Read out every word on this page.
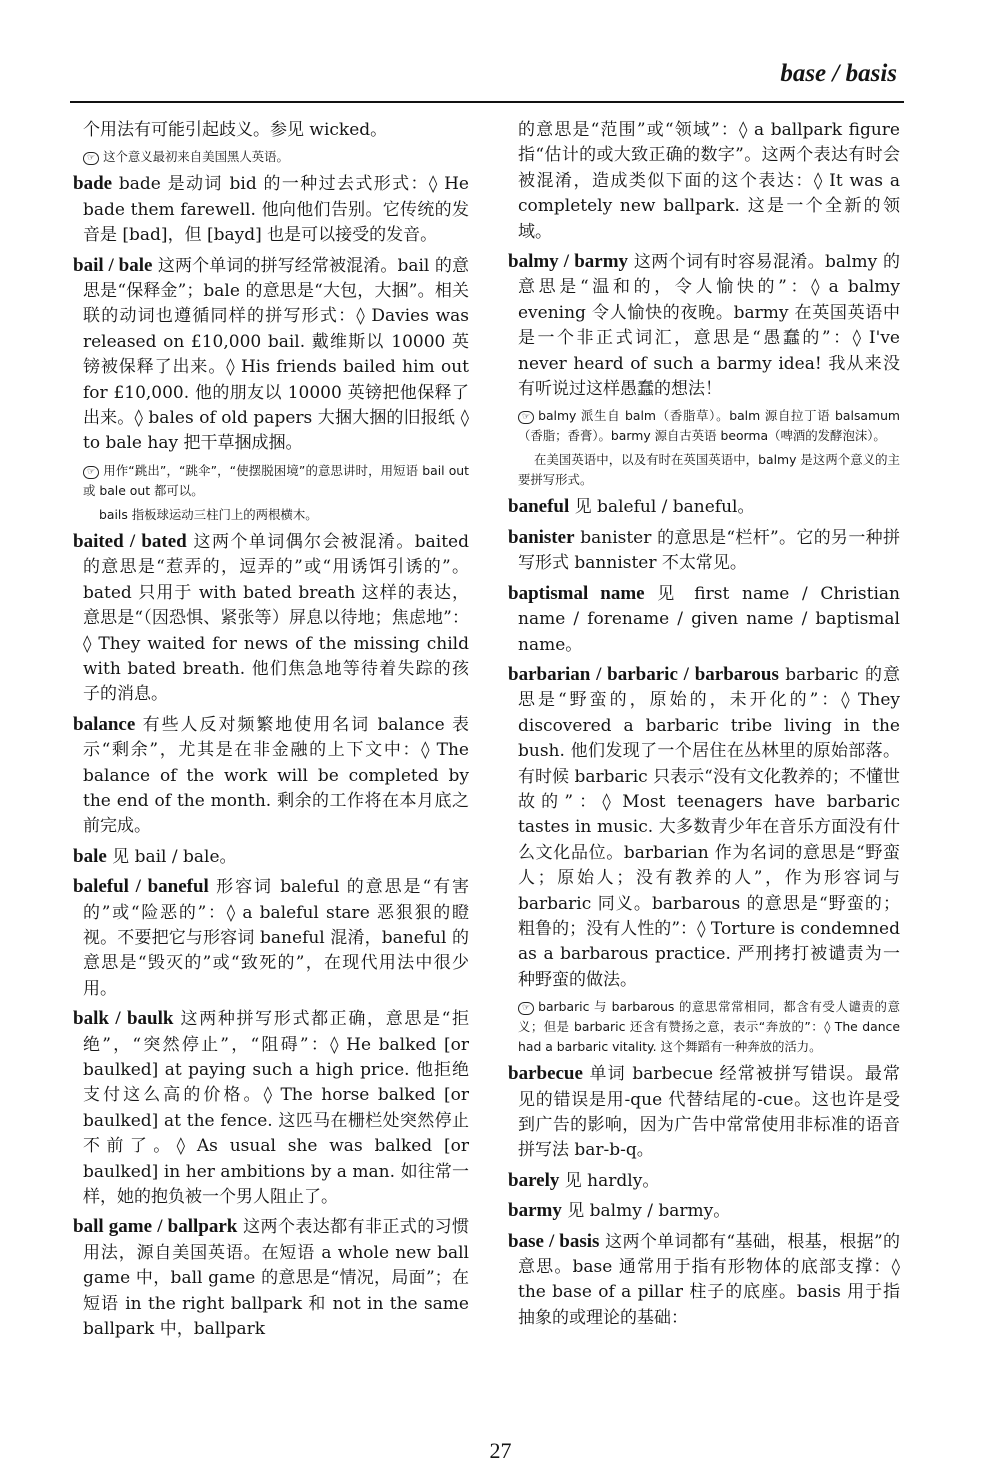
base / basis
个用法有可能引起歧义。参见 wicked。
☞ 这个意义最初来自美国黑人英语。
bade bade 是动词 bid 的一种过去式形式：◊ He bade them farewell. 他向他们告别。它传统的发音是 [bad]，但 [bayd] 也是可以接受的发音。
bail / bale 这两个单词的拼写经常被混淆。bail 的意思是“保释金”；bale 的意思是“大包，大捆”。相关联的动词也遵循同样的拼写形式：◊ Davies was released on £10,000 bail. 戴维斯以 10000 英镑被保释了出来。◊ His friends bailed him out for £10,000. 他的朋友以 10000 英镑把他保释了出来。◊ bales of old papers 大捆大捆的旧报纸 ◊ to bale hay 把干草捆成捆。
☞ 用作“跳出”，“跳伞”，“使摆脱困境”的意思讲时，用短语 bail out 或 bale out 都可以。
bails 指板球运动三柱门上的两根横木。
baited / bated 这两个单词偶尔会被混淆。baited 的意思是“惹弄的，逗弄的”或“用诱饵引诱的”。bated 只用于 with bated breath 这样的表达，意思是“（因恐惧、紧张等）屏息以待地；焦虑地”：◊ They waited for news of the missing child with bated breath. 他们焦急地等待着失踪的孩子的消息。
balance 有些人反对频繁地使用名词 balance 表示“剩余”，尤其是在非金融的上下文中：◊ The balance of the work will be completed by the end of the month. 剩余的工作将在本月底之前完成。
bale 见 bail / bale。
baleful / baneful 形容词 baleful 的意思是“有害的”或“险恶的”：◊ a baleful stare 恶狠狠的瞪视。不要把它与形容词 baneful 混淆，baneful 的意思是“毁灭的”或“致死的”，在现代用法中很少用。
balk / baulk 这两种拼写形式都正确，意思是“拒绝”，“突然停止”，“阻碍”：◊ He balked [or baulked] at paying such a high price. 他拒绝支付这么高的价格。◊ The horse balked [or baulked] at the fence. 这匹马在栅栏处突然停止不前了。◊ As usual she was balked [or baulked] in her ambitions by a man. 如往常一样，她的抱负被一个男人阻止了。
ball game / ballpark 这两个表达都有非正式的习惯用法，源自美国英语。在短语 a whole new ball game 中，ball game 的意思是“情况，局面”；在短语 in the right ballpark 和 not in the same ballpark 中，ballpark
的意思是“范围”或“领域”：◊ a ballpark figure 指“估计的或大致正确的数字”。这两个表达有时会被混淆，造成类似下面的这个表达：◊ It was a completely new ballpark. 这是一个全新的领域。
balmy / barmy 这两个词有时容易混淆。balmy 的意思是“温和的，令人愉快的”：◊ a balmy evening 令人愉快的夜晚。barmy 在英国英语中是一个非正式词汇，意思是“愚蠢的”：◊ I've never heard of such a barmy idea! 我从来没有听说过这样愚蠢的想法！
☞ balmy 派生自 balm（香脂草）。balm 源自拉丁语 balsamum（香脂；香膏）。barmy 源自古英语 beorma（啤酒的发酵泡沫）。
在美国英语中，以及有时在英国英语中，balmy 是这两个意义的主要拼写形式。
baneful 见 baleful / baneful。
banister banister 的意思是“栏杆”。它的另一种拼写形式 bannister 不太常见。
baptismal name 见 first name / Christian name / forename / given name / baptismal name。
barbarian / barbaric / barbarous barbaric 的意思是“野蛮的，原始的，未开化的”：◊ They discovered a barbaric tribe living in the bush. 他们发现了一个居住在丛林里的原始部落。有时候 barbaric 只表示“没有文化教养的；不懂世故的”：◊ Most teenagers have barbaric tastes in music. 大多数青少年在音乐方面没有什么文化品位。barbarian 作为名词的意思是“野蛮人；原始人；没有教养的人”，作为形容词与 barbaric 同义。barbarous 的意思是“野蛮的；粗鲁的；没有人性的”：◊ Torture is condemned as a barbarous practice. 严刑拷打被谴责为一种野蛮的做法。
☞ barbaric 与 barbarous 的意思常常相同，都含有受人谴责的意义；但是 barbaric 还含有赞扬之意，表示“奔放的”：◊ The dance had a barbaric vitality. 这个舞蹈有一种奔放的活力。
barbecue 单词 barbecue 经常被拼写错误。最常见的错误是用-que 代替结尾的-cue。这也许是受到广告的影响，因为广告中常常使用非标准的语音拼写法 bar-b-q。
barely 见 hardly。
barmy 见 balmy / barmy。
base / basis 这两个单词都有“基础，根基，根据”的意思。base 通常用于指有形物体的底部支撑：◊ the base of a pillar 柱子的底座。basis 用于指抽象的或理论的基础：
27
